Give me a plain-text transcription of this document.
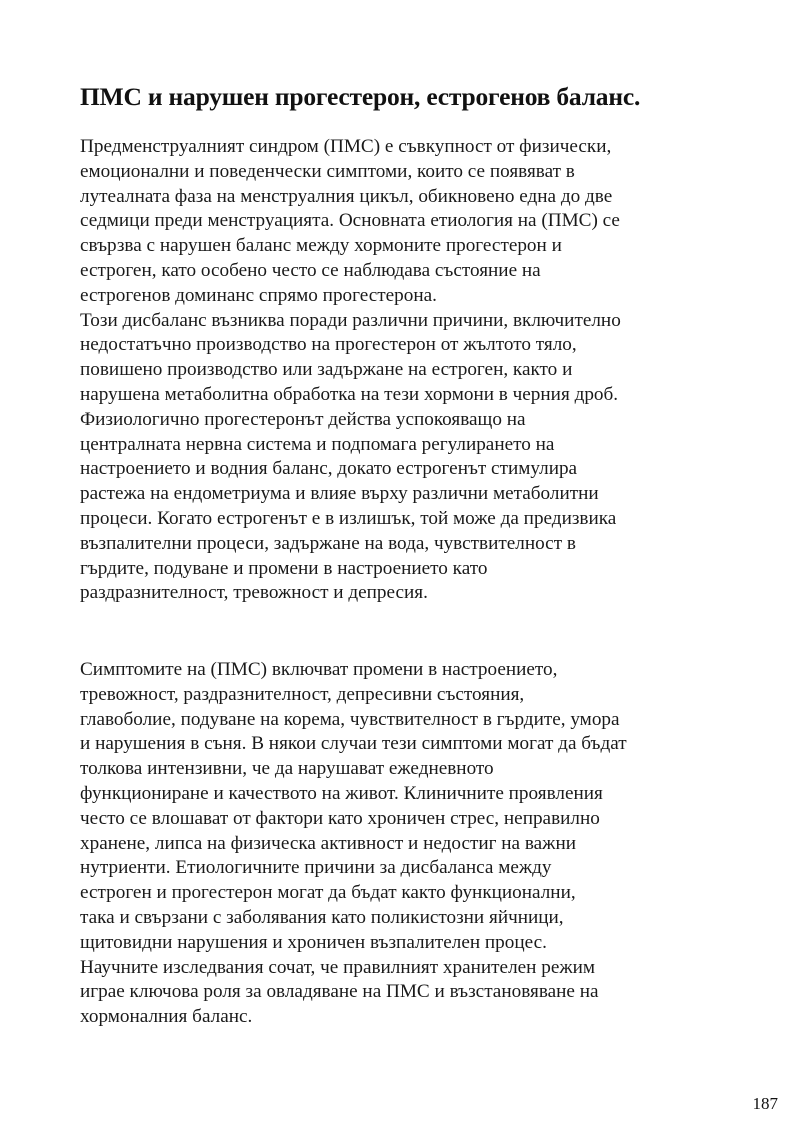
ПМС и нарушен прогестерон, естрогенов баланс.
Предменструалният синдром (ПМС) е съвкупност от физически,
емоционални и поведенчески симптоми, които се появяват в
лутеалната фаза на менструалния цикъл, обикновено една до две
седмици преди менструацията. Основната етиология на (ПМС) се
свързва с нарушен баланс между хормоните прогестерон и
естроген, като особено често се наблюдава състояние на
естрогенов доминанс спрямо прогестерона.
Този дисбаланс възниква поради различни причини, включително
недостатъчно производство на прогестерон от жълтото тяло,
повишено производство или задържане на естроген, както и
нарушена метаболитна обработка на тези хормони в черния дроб.
Физиологично прогестеронът действа успокояващо на
централната нервна система и подпомага регулирането на
настроението и водния баланс, докато естрогенът стимулира
растежа на ендометриума и влияе върху различни метаболитни
процеси. Когато естрогенът е в излишък, той може да предизвика
възпалителни процеси, задържане на вода, чувствителност в
гърдите, подуване и промени в настроението като
раздразнителност, тревожност и депресия.
Симптомите на (ПМС) включват промени в настроението,
тревожност, раздразнителност, депресивни състояния,
главоболие, подуване на корема, чувствителност в гърдите, умора
и нарушения в съня. В някои случаи тези симптоми могат да бъдат
толкова интензивни, че да нарушават ежедневното
функциониране и качеството на живот. Клиничните проявления
често се влошават от фактори като хроничен стрес, неправилно
хранене, липса на физическа активност и недостиг на важни
нутриенти. Етиологичните причини за дисбаланса между
естроген и прогестерон могат да бъдат както функционални,
така и свързани с заболявания като поликистозни яйчници,
щитовидни нарушения и хроничен възпалителен процес.
Научните изследвания сочат, че правилният хранителен режим
играе ключова роля за овладяване на ПМС и възстановяване на
хормоналния баланс.
187
